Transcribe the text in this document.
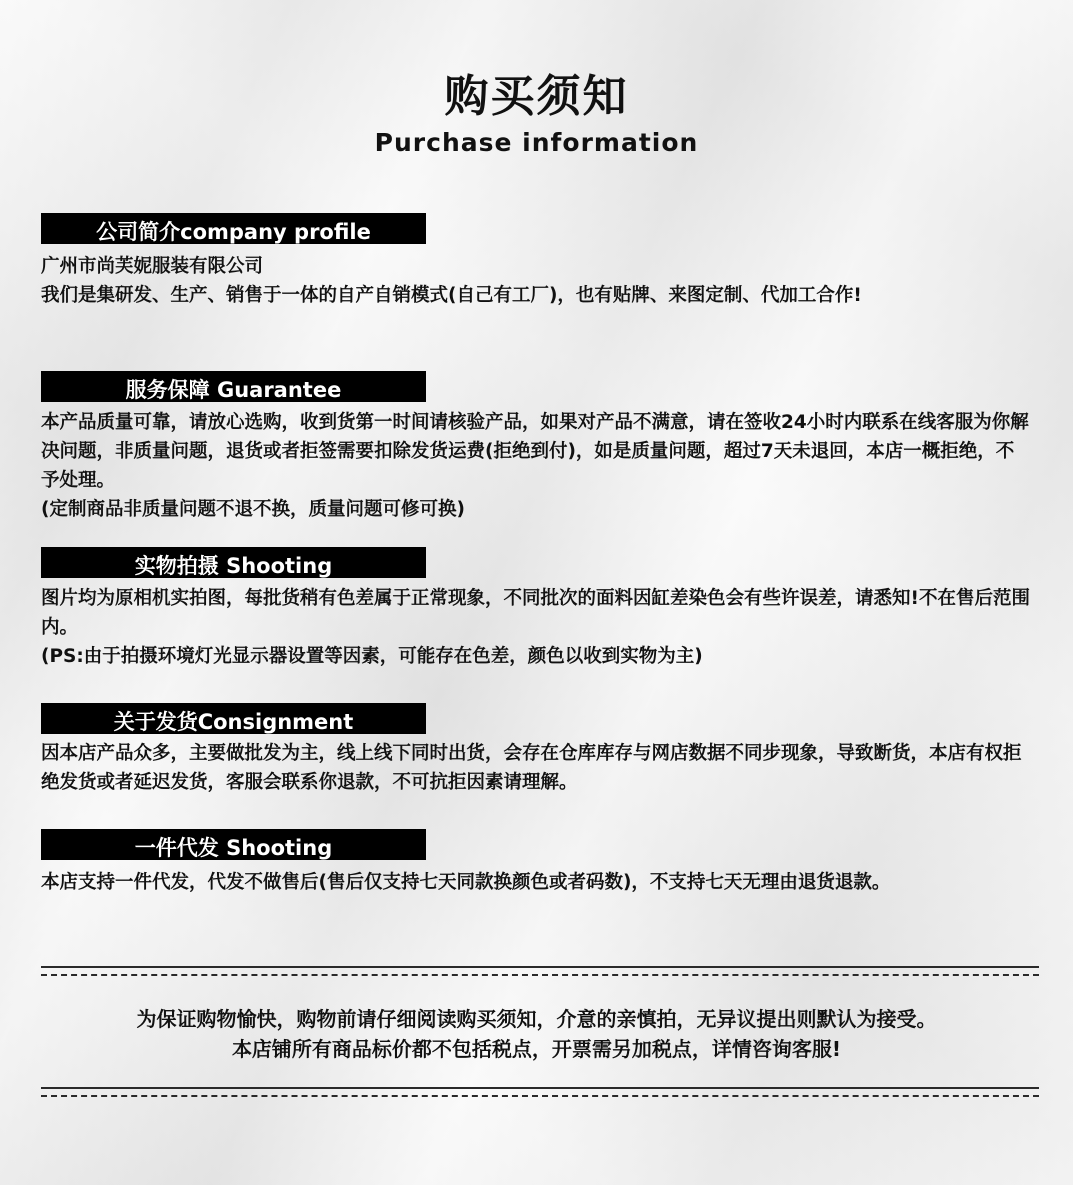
购买须知
Purchase information
公司简介company profile

广州市尚芙妮服装有限公司

我们是集研发、生产、销售于一体的自产自销模式(自己有工厂)，也有贴牌、来图定制、代加工合作!

服务保障 Guarantee

本产品质量可靠，请放心选购，收到货第一时间请核验产品，如果对产品不满意，请在签收24小时内联系在线客服为你解决问题，非质量问题，退货或者拒签需要扣除发货运费(拒绝到付)，如是质量问题，超过7天未退回，本店一概拒绝，不予处理。

(定制商品非质量问题不退不换，质量问题可修可换)

实物拍摄 Shooting

图片均为原相机实拍图，每批货稍有色差属于正常现象，不同批次的面料因缸差染色会有些许误差，请悉知!不在售后范围内。

(PS:由于拍摄环境灯光显示器设置等因素，可能存在色差，颜色以收到实物为主)

关于发货Consignment

因本店产品众多，主要做批发为主，线上线下同时出货，会存在仓库库存与网店数据不同步现象，导致断货，本店有权拒绝发货或者延迟发货，客服会联系你退款，不可抗拒因素请理解。

一件代发 Shooting

本店支持一件代发，代发不做售后(售后仅支持七天同款换颜色或者码数)，不支持七天无理由退货退款。

为保证购物愉快，购物前请仔细阅读购买须知，介意的亲慎拍，无异议提出则默认为接受。

本店铺所有商品标价都不包括税点，开票需另加税点，详情咨询客服!
